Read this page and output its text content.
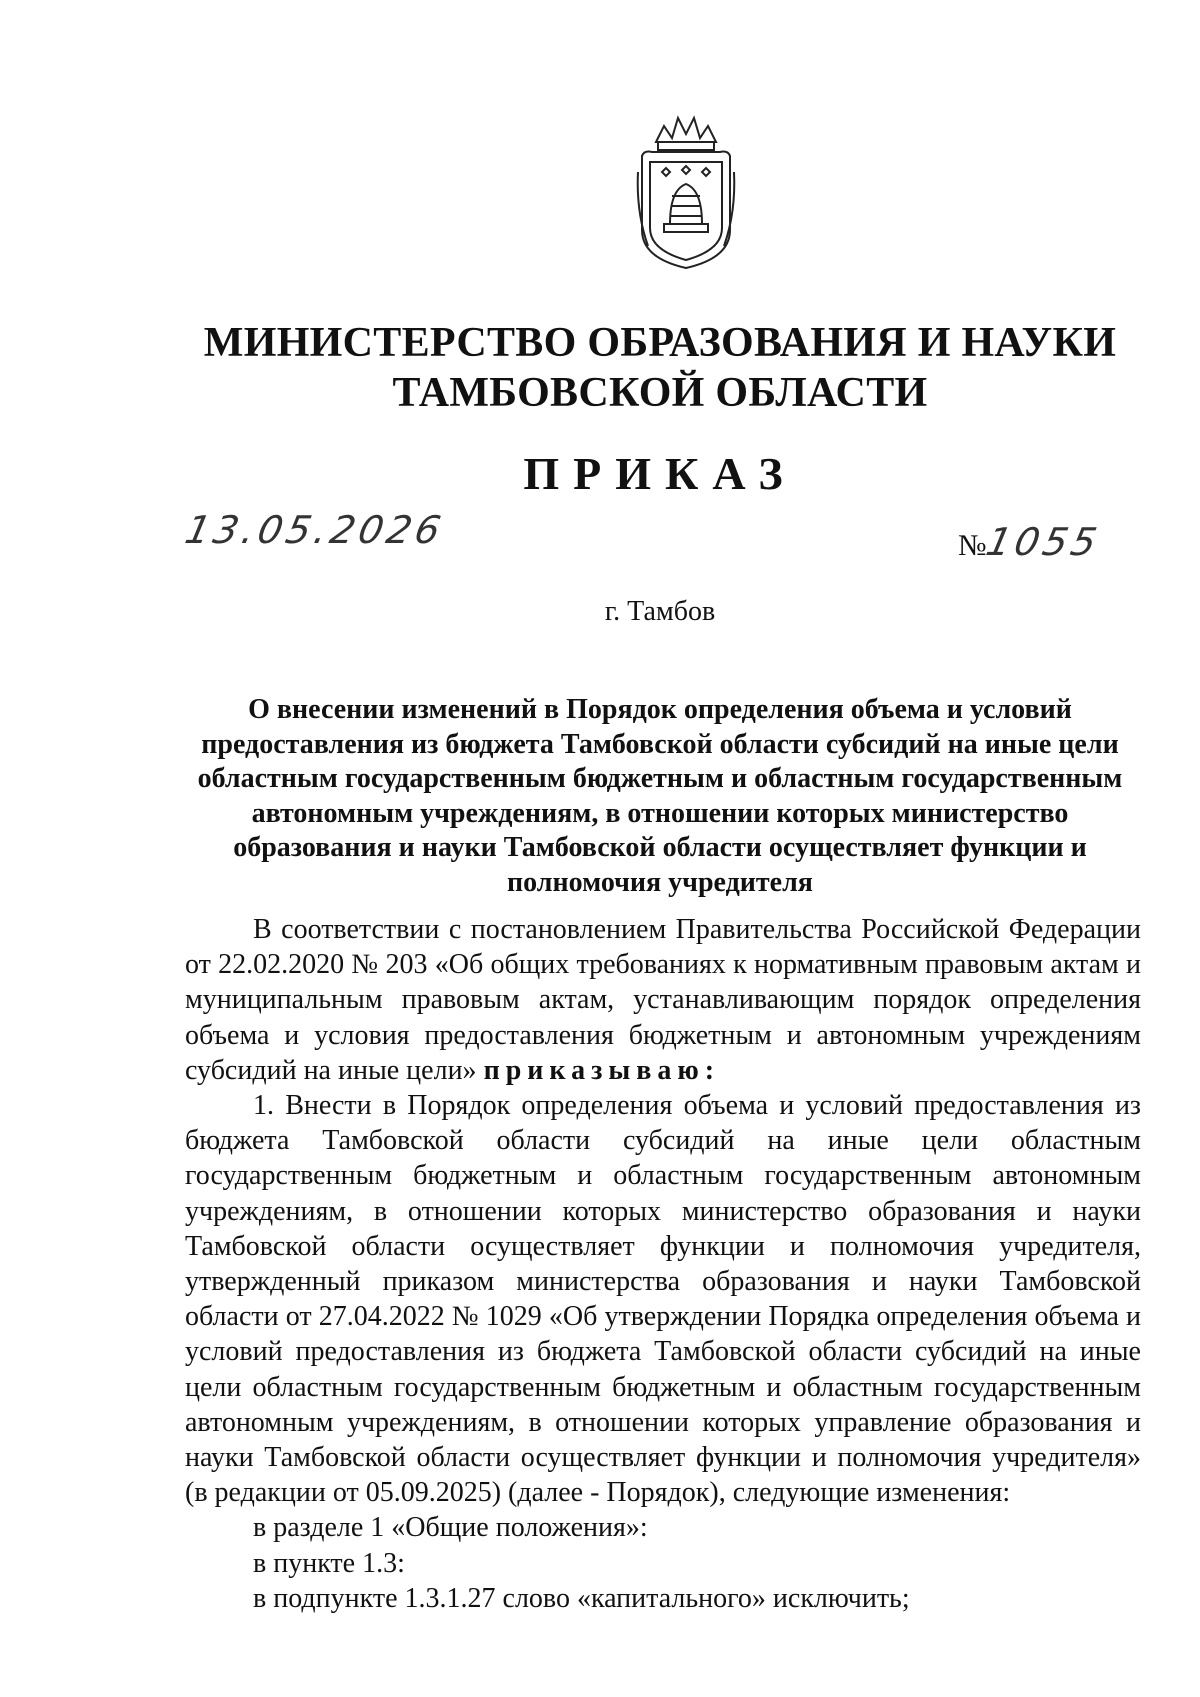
МИНИСТЕРСТВО ОБРАЗОВАНИЯ И НАУКИ
ТАМБОВСКОЙ ОБЛАСТИ
ПРИКАЗ
13.05.2026	№1055
г. Тамбов
О внесении изменений в Порядок определения объема и условий предоставления из бюджета Тамбовской области субсидий на иные цели областным государственным бюджетным и областным государственным автономным учреждениям, в отношении которых министерство образования и науки Тамбовской области осуществляет функции и полномочия учредителя

В соответствии с постановлением Правительства Российской Федерации от 22.02.2020 № 203 «Об общих требованиях к нормативным правовым актам и муниципальным правовым актам, устанавливающим порядок определения объема и условия предоставления бюджетным и автономным учреждениям субсидий на иные цели» приказываю:

1. Внести в Порядок определения объема и условий предоставления из бюджета Тамбовской области субсидий на иные цели областным государственным бюджетным и областным государственным автономным учреждениям, в отношении которых министерство образования и науки Тамбовской области осуществляет функции и полномочия учредителя, утвержденный приказом министерства образования и науки Тамбовской области от 27.04.2022 № 1029 «Об утверждении Порядка определения объема и условий предоставления из бюджета Тамбовской области субсидий на иные цели областным государственным бюджетным и областным государственным автономным учреждениям, в отношении которых управление образования и науки Тамбовской области осуществляет функции и полномочия учредителя» (в редакции от 05.09.2025) (далее - Порядок), следующие изменения:

в разделе 1 «Общие положения»:

в пункте 1.3:

в подпункте 1.3.1.27 слово «капитального» исключить;
